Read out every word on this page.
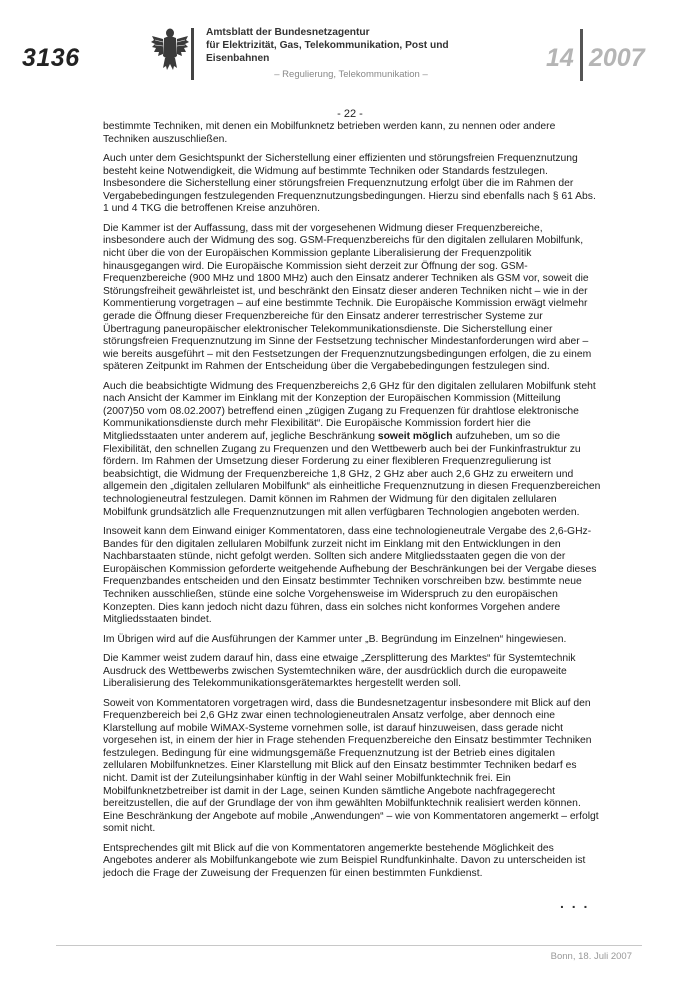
3136
Amtsblatt der Bundesnetzagentur
für Elektrizität, Gas, Telekommunikation, Post und Eisenbahnen
– Regulierung, Telekommunikation –
14 2007
- 22 -

bestimmte Techniken, mit denen ein Mobilfunknetz betrieben werden kann, zu nennen oder andere Techniken auszuschließen.

Auch unter dem Gesichtspunkt der Sicherstellung einer effizienten und störungsfreien Frequenznutzung besteht keine Notwendigkeit, die Widmung auf bestimmte Techniken oder Standards festzulegen. Insbesondere die Sicherstellung einer störungsfreien Frequenznutzung erfolgt über die im Rahmen der Vergabebedingungen festzulegenden Frequenznutzungsbedingungen. Hierzu sind ebenfalls nach § 61 Abs. 1 und 4 TKG die betroffenen Kreise anzuhören.

Die Kammer ist der Auffassung, dass mit der vorgesehenen Widmung dieser Frequenzbereiche, insbesondere auch der Widmung des sog. GSM-Frequenzbereichs für den digitalen zellularen Mobilfunk, nicht über die von der Europäischen Kommission geplante Liberalisierung der Frequenzpolitik hinausgegangen wird. Die Europäische Kommission sieht derzeit zur Öffnung der sog. GSM-Frequenzbereiche (900 MHz und 1800 MHz) auch den Einsatz anderer Techniken als GSM vor, soweit die Störungsfreiheit gewährleistet ist, und beschränkt den Einsatz dieser anderen Techniken nicht – wie in der Kommentierung vorgetragen – auf eine bestimmte Technik. Die Europäische Kommission erwägt vielmehr gerade die Öffnung dieser Frequenzbereiche für den Einsatz anderer terrestrischer Systeme zur Übertragung paneuropäischer elektronischer Telekommunikationsdienste. Die Sicherstellung einer störungsfreien Frequenznutzung im Sinne der Festsetzung technischer Mindestanforderungen wird aber – wie bereits ausgeführt – mit den Festsetzungen der Frequenznutzungsbedingungen erfolgen, die zu einem späteren Zeitpunkt im Rahmen der Entscheidung über die Vergabebedingungen festzulegen sind.

Auch die beabsichtigte Widmung des Frequenzbereichs 2,6 GHz für den digitalen zellularen Mobilfunk steht nach Ansicht der Kammer im Einklang mit der Konzeption der Europäischen Kommission (Mitteilung (2007)50 vom 08.02.2007) betreffend einen „zügigen Zugang zu Frequenzen für drahtlose elektronische Kommunikationsdienste durch mehr Flexibilität“. Die Europäische Kommission fordert hier die Mitgliedsstaaten unter anderem auf, jegliche Beschränkung soweit möglich aufzuheben, um so die Flexibilität, den schnellen Zugang zu Frequenzen und den Wettbewerb auch bei der Funkinfrastruktur zu fördern. Im Rahmen der Umsetzung dieser Forderung zu einer flexibleren Frequenzregulierung ist beabsichtigt, die Widmung der Frequenzbereiche 1,8 GHz, 2 GHz aber auch 2,6 GHz zu erweitern und allgemein den „digitalen zellularen Mobilfunk“ als einheitliche Frequenznutzung in diesen Frequenzbereichen technologieneutral festzulegen. Damit können im Rahmen der Widmung für den digitalen zellularen Mobilfunk grundsätzlich alle Frequenznutzungen mit allen verfügbaren Technologien angeboten werden.

Insoweit kann dem Einwand einiger Kommentatoren, dass eine technologieneutrale Vergabe des 2,6-GHz-Bandes für den digitalen zellularen Mobilfunk zurzeit nicht im Einklang mit den Entwicklungen in den Nachbarstaaten stünde, nicht gefolgt werden. Sollten sich andere Mitgliedsstaaten gegen die von der Europäischen Kommission geforderte weitgehende Aufhebung der Beschränkungen bei der Vergabe dieses Frequenzbandes entscheiden und den Einsatz bestimmter Techniken vorschreiben bzw. bestimmte neue Techniken ausschließen, stünde eine solche Vorgehensweise im Widerspruch zu den europäischen Konzepten. Dies kann jedoch nicht dazu führen, dass ein solches nicht konformes Vorgehen andere Mitgliedsstaaten bindet.

Im Übrigen wird auf die Ausführungen der Kammer unter „B. Begründung im Einzelnen“ hingewiesen.

Die Kammer weist zudem darauf hin, dass eine etwaige „Zersplitterung des Marktes“ für Systemtechnik Ausdruck des Wettbewerbs zwischen Systemtechniken wäre, der ausdrücklich durch die europaweite Liberalisierung des Telekommunikationsgerätemarktes hergestellt werden soll.

Soweit von Kommentatoren vorgetragen wird, dass die Bundesnetzagentur insbesondere mit Blick auf den Frequenzbereich bei 2,6 GHz zwar einen technologieneutralen Ansatz verfolge, aber dennoch eine Klarstellung auf mobile WiMAX-Systeme vornehmen solle, ist darauf hinzuweisen, dass gerade nicht vorgesehen ist, in einem der hier in Frage stehenden Frequenzbereiche den Einsatz bestimmter Techniken festzulegen. Bedingung für eine widmungsgemäße Frequenznutzung ist der Betrieb eines digitalen zellularen Mobilfunknetzes. Einer Klarstellung mit Blick auf den Einsatz bestimmter Techniken bedarf es nicht. Damit ist der Zuteilungsinhaber künftig in der Wahl seiner Mobilfunktechnik frei. Ein Mobilfunknetzbetreiber ist damit in der Lage, seinen Kunden sämtliche Angebote nachfragegerecht bereitzustellen, die auf der Grundlage der von ihm gewählten Mobilfunktechnik realisiert werden können. Eine Beschränkung der Angebote auf mobile „Anwendungen“ – wie von Kommentatoren angemerkt – erfolgt somit nicht.

Entsprechendes gilt mit Blick auf die von Kommentatoren angemerkte bestehende Möglichkeit des Angebotes anderer als Mobilfunkangebote wie zum Beispiel Rundfunkinhalte. Davon zu unterscheiden ist jedoch die Frage der Zuweisung der Frequenzen für einen bestimmten Funkdienst.

. . .
Bonn, 18. Juli 2007
